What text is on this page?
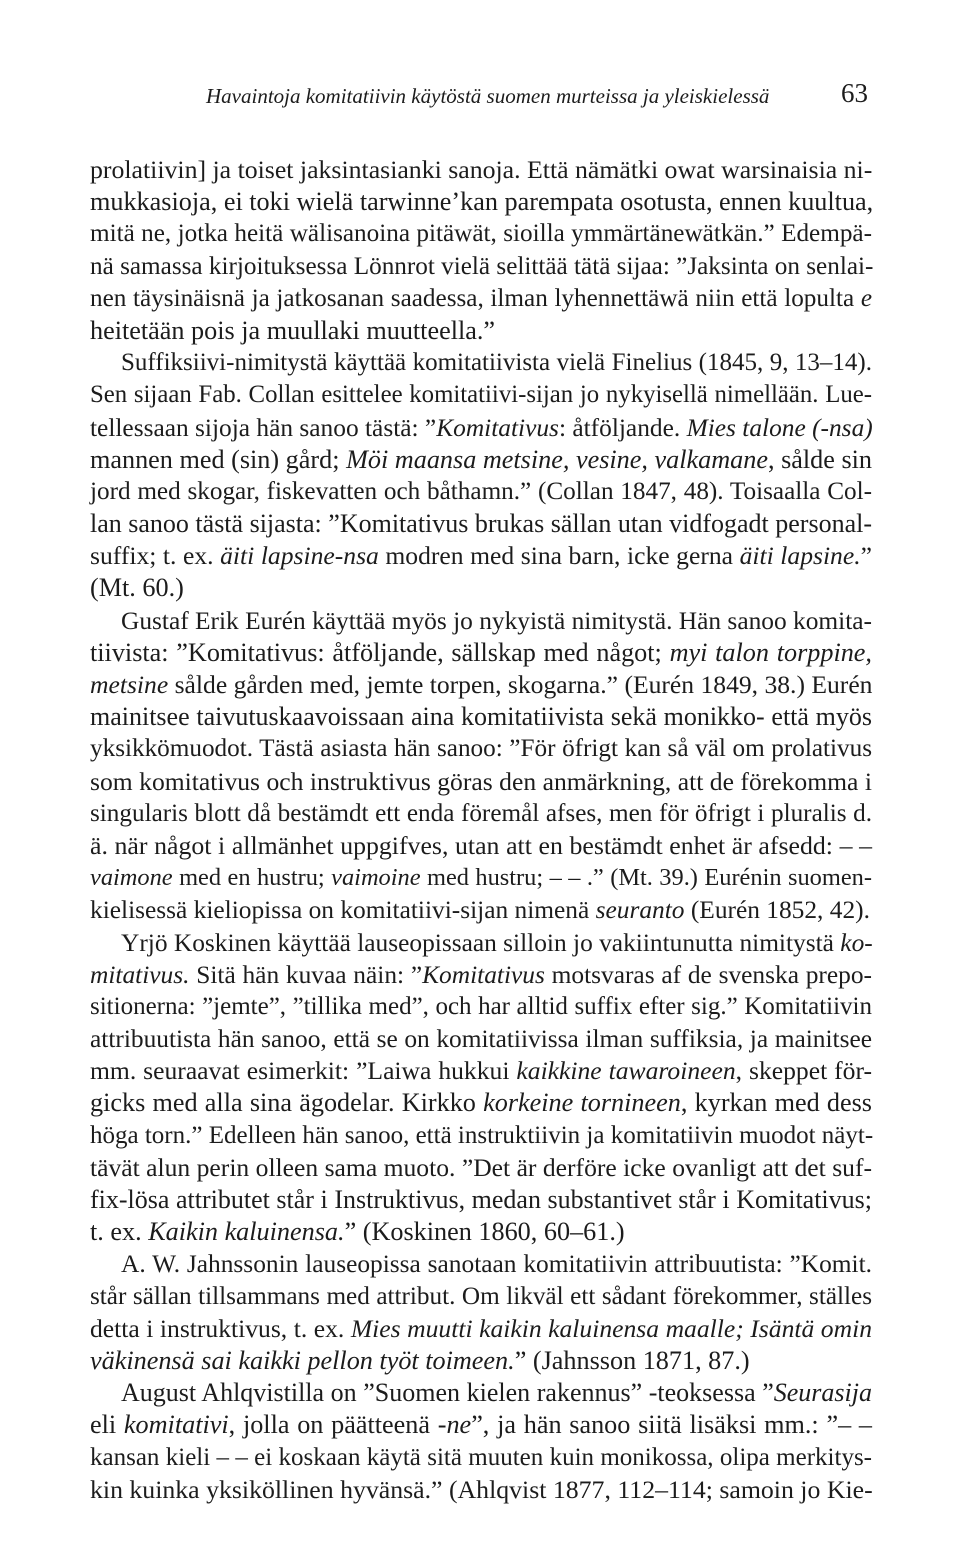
Havaintoja komitatiivin käytöstä suomen murteissa ja yleiskielessä	63
prolatiivin] ja toiset jaksintasianki sanoja. Että nämätki owat warsinaisia ni-
mukkasioja, ei toki wielä tarwinne’kan parempata osotusta, ennen kuultua,
mitä ne, jotka heitä wälisanoina pitäwät, sioilla ymmärtänewätkän.” Edempä-
nä samassa kirjoituksessa Lönnrot vielä selittää tätä sijaa: ”Jaksinta on senlai-
nen täysinäisnä ja jatkosanan saadessa, ilman lyhennettäwä niin että lopulta e
heitetään pois ja muullaki muutteella.”
Suffiksiivi-nimitystä käyttää komitatiivista vielä Finelius (1845, 9, 13–14).
Sen sijaan Fab. Collan esittelee komitatiivi-sijan jo nykyisellä nimellään. Lue-
tellessaan sijoja hän sanoo tästä: ”Komitativus: åtföljande. Mies talone (-nsa)
mannen med (sin) gård; Möi maansa metsine, vesine, valkamane, sålde sin
jord med skogar, fiskevatten och båthamn.” (Collan 1847, 48). Toisaalla Col-
lan sanoo tästä sijasta: ”Komitativus brukas sällan utan vidfogadt personal-
suffix; t. ex. äiti lapsine-nsa modren med sina barn, icke gerna äiti lapsine.”
(Mt. 60.)
Gustaf Erik Eurén käyttää myös jo nykyistä nimitystä. Hän sanoo komita-
tiivista: ”Komitativus: åtföljande, sällskap med något; myi talon torppine,
metsine sålde gården med, jemte torpen, skogarna.” (Eurén 1849, 38.) Eurén
mainitsee taivutuskaavoissaan aina komitatiivista sekä monikko- että myös
yksikkömuodot. Tästä asiasta hän sanoo: ”För öfrigt kan så väl om prolativus
som komitativus och instruktivus göras den anmärkning, att de förekomma i
singularis blott då bestämdt ett enda föremål afses, men för öfrigt i pluralis d.
ä. när något i allmänhet uppgifves, utan att en bestämdt enhet är afsedd: – –
vaimone med en hustru; vaimoine med hustru; – – .” (Mt. 39.) Eurénin suomen-
kielisessä kieliopissa on komitatiivi-sijan nimenä seuranto (Eurén 1852, 42).
Yrjö Koskinen käyttää lauseopissaan silloin jo vakiintunutta nimitystä ko-
mitativus. Sitä hän kuvaa näin: ”Komitativus motsvaras af de svenska prepo-
sitionerna: ”jemte”, ”tillika med”, och har alltid suffix efter sig.” Komitatiivin
attribuutista hän sanoo, että se on komitatiivissa ilman suffiksia, ja mainitsee
mm. seuraavat esimerkit: ”Laiwa hukkui kaikkine tawaroineen, skeppet för-
gicks med alla sina ägodelar. Kirkko korkeine tornineen, kyrkan med dess
höga torn.” Edelleen hän sanoo, että instruktiivin ja komitatiivin muodot näyt-
tävät alun perin olleen sama muoto. ”Det är derföre icke ovanligt att det suf-
fix-lösa attributet står i Instruktivus, medan substantivet står i Komitativus;
t. ex. Kaikin kaluinensa.” (Koskinen 1860, 60–61.)
A. W. Jahnssonin lauseopissa sanotaan komitatiivin attribuutista: ”Komit.
står sällan tillsammans med attribut. Om likväl ett sådant förekommer, ställes
detta i instruktivus, t. ex. Mies muutti kaikin kaluinensa maalle; Isäntä omin
väkinensä sai kaikki pellon työt toimeen.” (Jahnsson 1871, 87.)
August Ahlqvistilla on ”Suomen kielen rakennus” -teoksessa ”Seurasija
eli komitativi, jolla on päätteenä -ne”, ja hän sanoo siitä lisäksi mm.: ”– –
kansan kieli – – ei koskaan käytä sitä muuten kuin monikossa, olipa merkitys-
kin kuinka yksiköllinen hyvänsä.” (Ahlqvist 1877, 112–114; samoin jo Kie-
